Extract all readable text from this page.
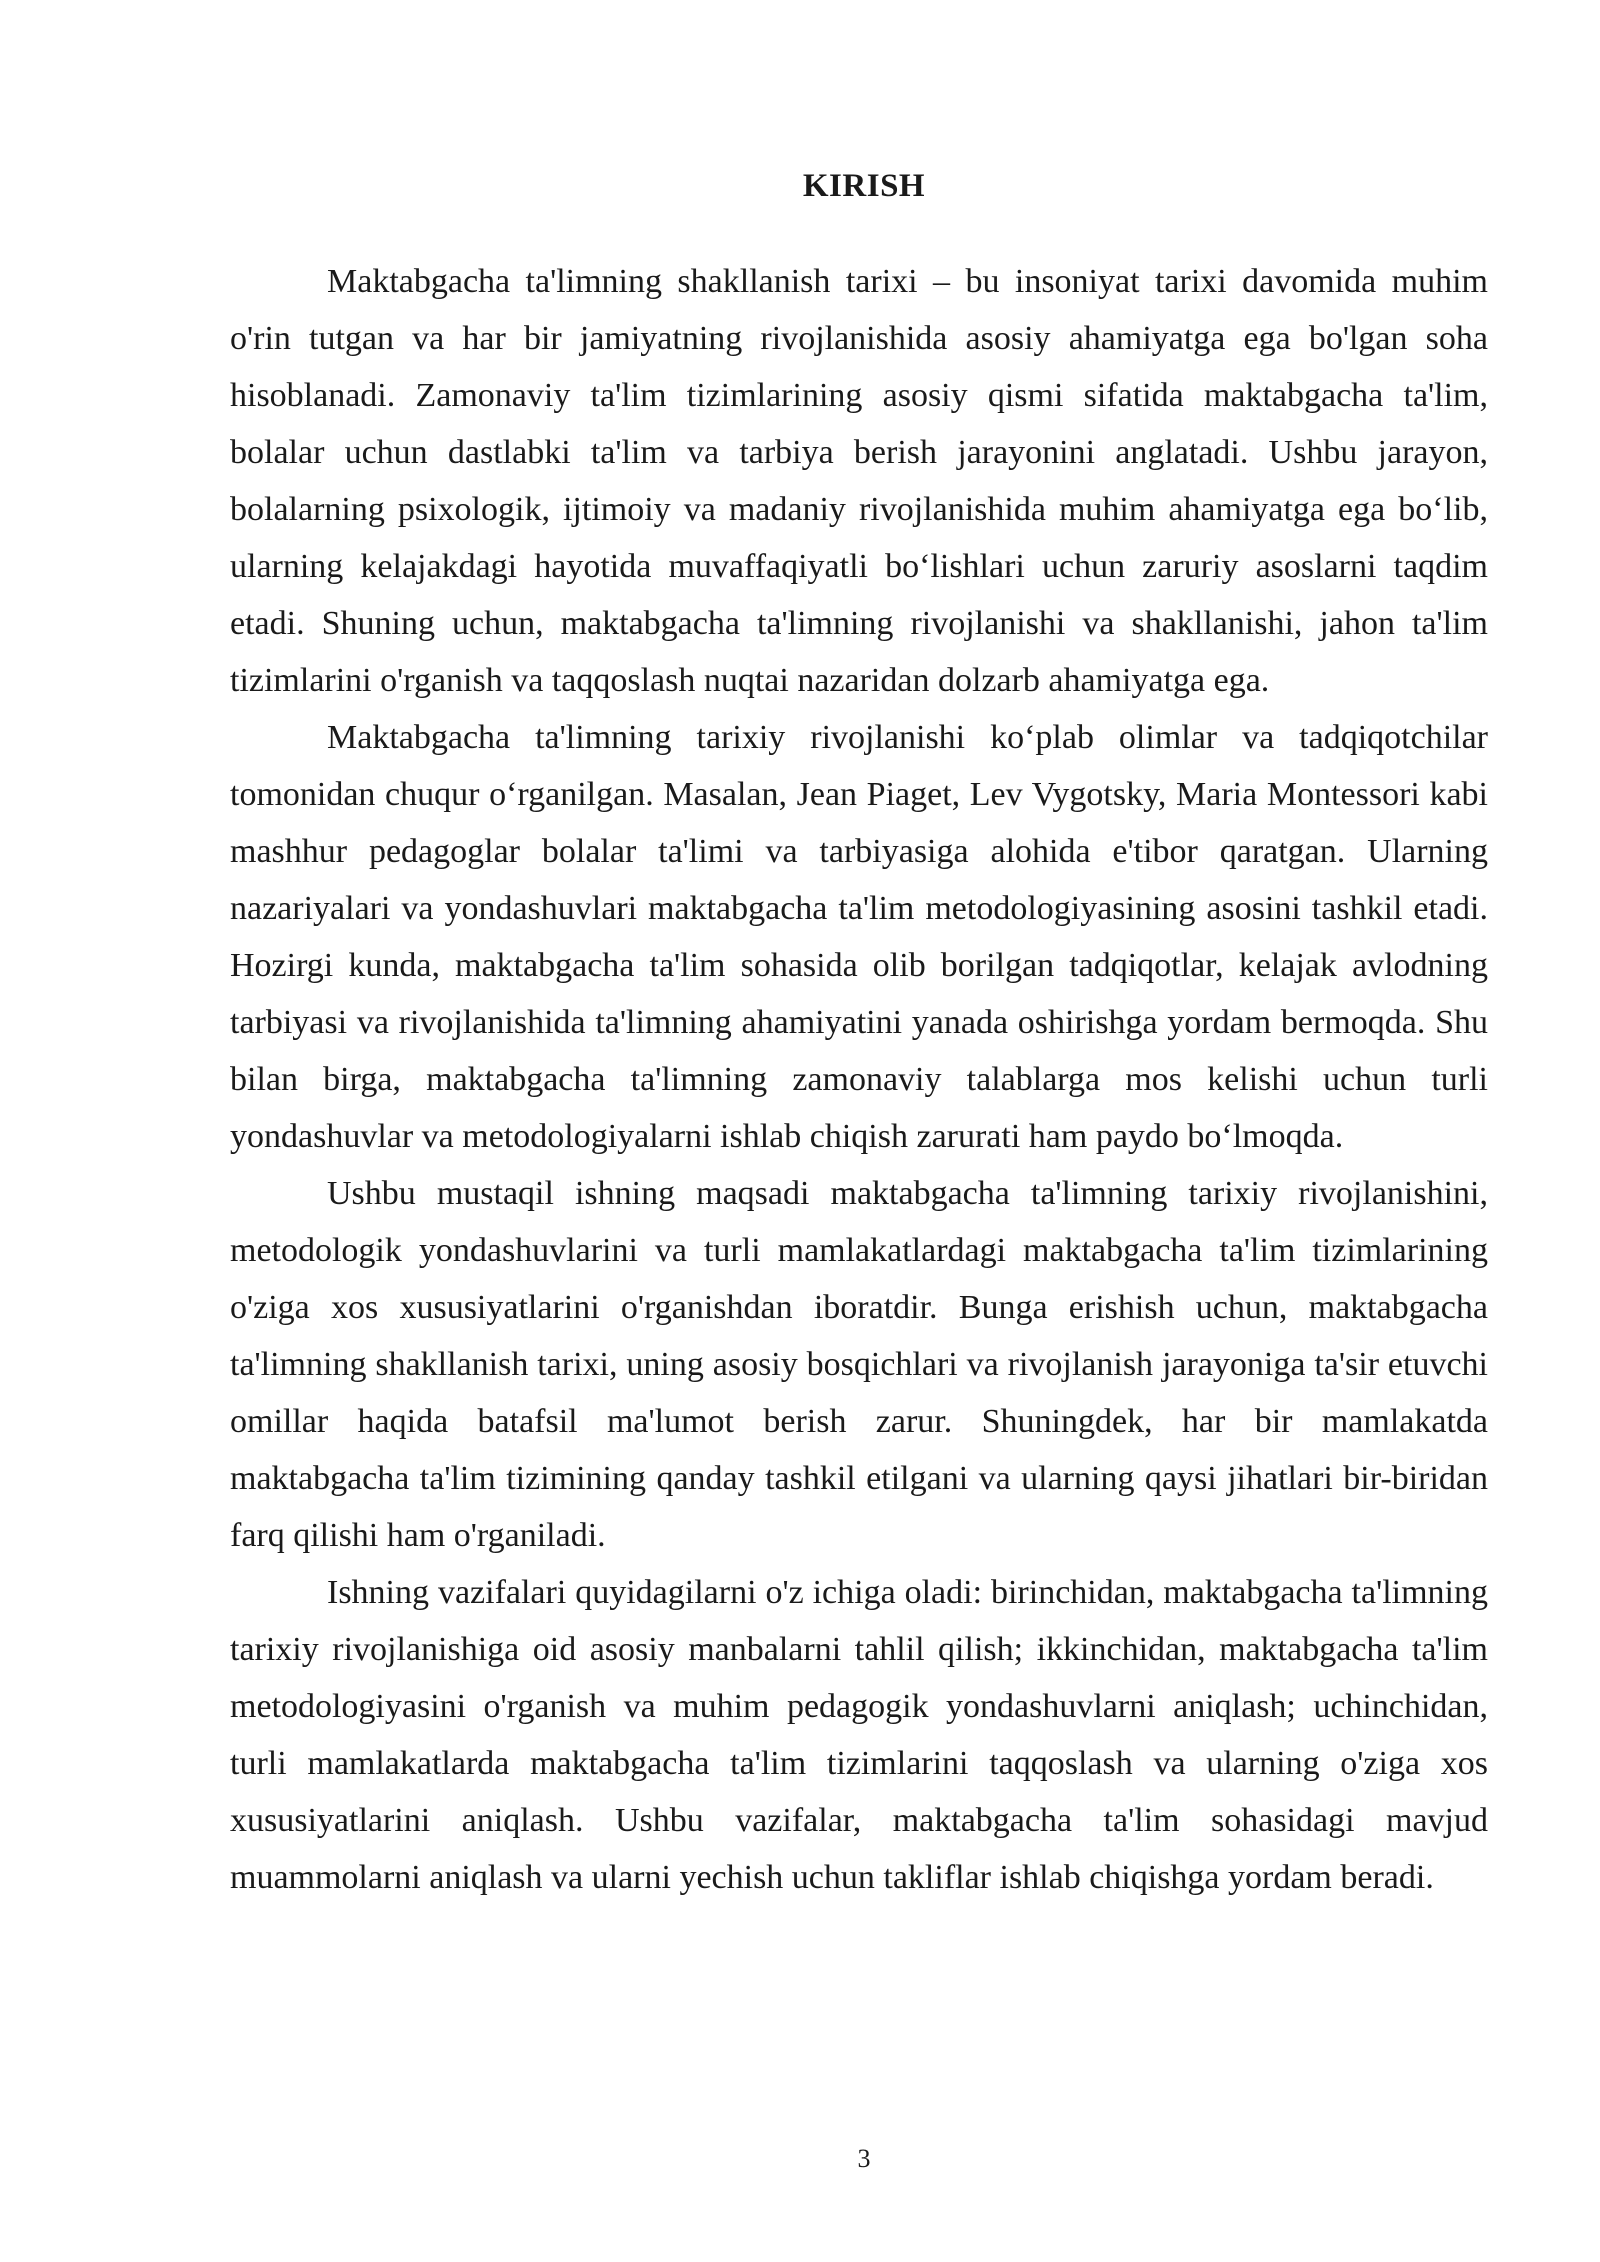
KIRISH

Maktabgacha ta'limning shakllanish tarixi – bu insoniyat tarixi davomida muhim o'rin tutgan va har bir jamiyatning rivojlanishida asosiy ahamiyatga ega bo'lgan soha hisoblanadi. Zamonaviy ta'lim tizimlarining asosiy qismi sifatida maktabgacha ta'lim, bolalar uchun dastlabki ta'lim va tarbiya berish jarayonini anglatadi. Ushbu jarayon, bolalarning psixologik, ijtimoiy va madaniy rivojlanishida muhim ahamiyatga ega bo‘lib, ularning kelajakdagi hayotida muvaffaqiyatli bo‘lishlari uchun zaruriy asoslarni taqdim etadi. Shuning uchun, maktabgacha ta'limning rivojlanishi va shakllanishi, jahon ta'lim tizimlarini o'rganish va taqqoslash nuqtai nazaridan dolzarb ahamiyatga ega.

Maktabgacha ta'limning tarixiy rivojlanishi ko‘plab olimlar va tadqiqotchilar tomonidan chuqur o‘rganilgan. Masalan, Jean Piaget, Lev Vygotsky, Maria Montessori kabi mashhur pedagoglar bolalar ta'limi va tarbiyasiga alohida e'tibor qaratgan. Ularning nazariyalari va yondashuvlari maktabgacha ta'lim metodologiyasining asosini tashkil etadi. Hozirgi kunda, maktabgacha ta'lim sohasida olib borilgan tadqiqotlar, kelajak avlodning tarbiyasi va rivojlanishida ta'limning ahamiyatini yanada oshirishga yordam bermoqda. Shu bilan birga, maktabgacha ta'limning zamonaviy talablarga mos kelishi uchun turli yondashuvlar va metodologiyalarni ishlab chiqish zarurati ham paydo bo‘lmoqda.

Ushbu mustaqil ishning maqsadi maktabgacha ta'limning tarixiy rivojlanishini, metodologik yondashuvlarini va turli mamlakatlardagi maktabgacha ta'lim tizimlarining o'ziga xos xususiyatlarini o'rganishdan iboratdir. Bunga erishish uchun, maktabgacha ta'limning shakllanish tarixi, uning asosiy bosqichlari va rivojlanish jarayoniga ta'sir etuvchi omillar haqida batafsil ma'lumot berish zarur. Shuningdek, har bir mamlakatda maktabgacha ta'lim tizimining qanday tashkil etilgani va ularning qaysi jihatlari bir-biridan farq qilishi ham o'rganiladi.

Ishning vazifalari quyidagilarni o'z ichiga oladi: birinchidan, maktabgacha ta'limning tarixiy rivojlanishiga oid asosiy manbalarni tahlil qilish; ikkinchidan, maktabgacha ta'lim metodologiyasini o'rganish va muhim pedagogik yondashuvlarni aniqlash; uchinchidan, turli mamlakatlarda maktabgacha ta'lim tizimlarini taqqoslash va ularning o'ziga xos xususiyatlarini aniqlash. Ushbu vazifalar, maktabgacha ta'lim sohasidagi mavjud muammolarni aniqlash va ularni yechish uchun takliflar ishlab chiqishga yordam beradi.

3
